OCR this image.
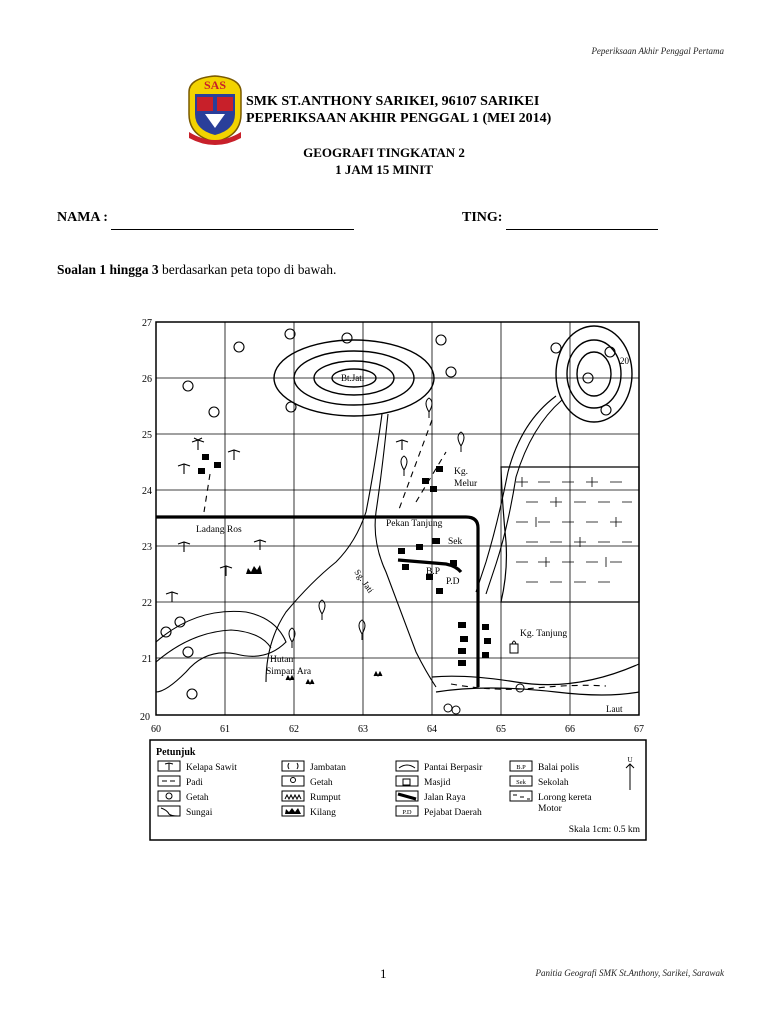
Peperiksaan Akhir Penggal Pertama
SAS
SMK ST.ANTHONY SARIKEI, 96107 SARIKEI
PEPERIKSAAN AKHIR PENGGAL 1 (MEI 2014)
GEOGRAFI TINGKATAN 2
1 JAM 15 MINIT
NAMA :	TING:
Soalan 1 hingga 3 berdasarkan peta topo di bawah.
27
26
25
24
23
22
21
20
60	61	62	63	64	65	66	67
Bt.Jati
20
Sg. Jati
Laut
Kg.
Melur
Ladang Ros
Pekan Tanjung
Sek
B.P
P.D
Kg. Tanjung
Hutan
Simpan Ara
Petunjuk
Kelapa Sawit
Padi
Getah
Sungai
Jambatan
Getah
Rumput
Kilang
Pantai Berpasir
Masjid
Jalan Raya
P.D Pejabat Daerah
B.P Balai polis
Sek Sekolah
Lorong kereta
Motor
U
Skala 1cm: 0.5 km
1	Panitia Geografi SMK St.Anthony, Sarikei, Sarawak
